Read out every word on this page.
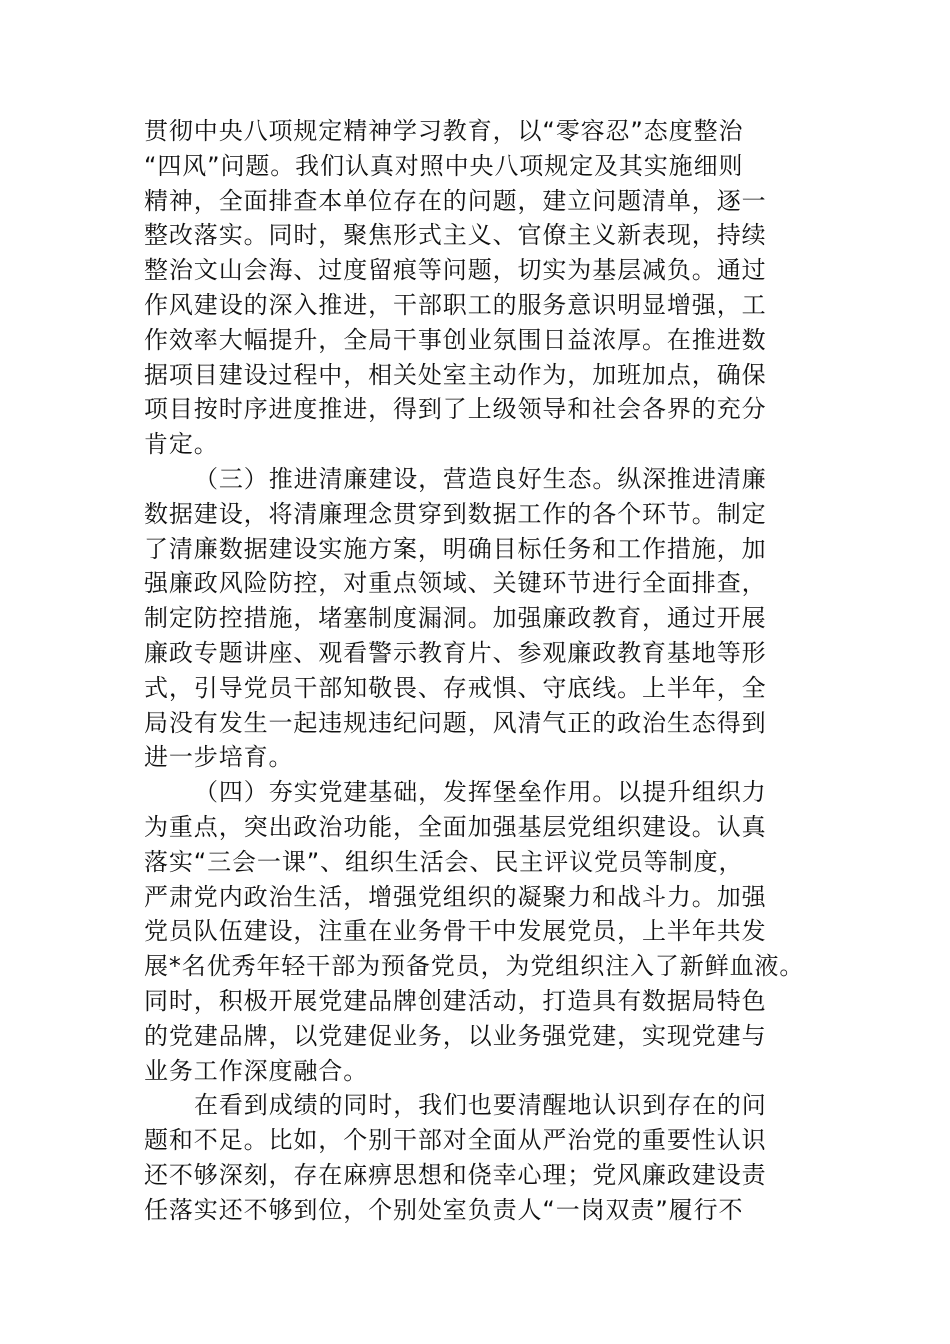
贯彻中央八项规定精神学习教育，以“零容忍”态度整治
“四风”问题。我们认真对照中央八项规定及其实施细则
精神，全面排查本单位存在的问题，建立问题清单，逐一
整改落实。同时，聚焦形式主义、官僚主义新表现，持续
整治文山会海、过度留痕等问题，切实为基层减负。通过
作风建设的深入推进，干部职工的服务意识明显增强，工
作效率大幅提升，全局干事创业氛围日益浓厚。在推进数
据项目建设过程中，相关处室主动作为，加班加点，确保
项目按时序进度推进，得到了上级领导和社会各界的充分
肯定。
（三）推进清廉建设，营造良好生态。纵深推进清廉
数据建设，将清廉理念贯穿到数据工作的各个环节。制定
了清廉数据建设实施方案，明确目标任务和工作措施，加
强廉政风险防控，对重点领域、关键环节进行全面排查，
制定防控措施，堵塞制度漏洞。加强廉政教育，通过开展
廉政专题讲座、观看警示教育片、参观廉政教育基地等形
式，引导党员干部知敬畏、存戒惧、守底线。上半年，全
局没有发生一起违规违纪问题，风清气正的政治生态得到
进一步培育。
（四）夯实党建基础，发挥堡垒作用。以提升组织力
为重点，突出政治功能，全面加强基层党组织建设。认真
落实“三会一课”、组织生活会、民主评议党员等制度，
严肃党内政治生活，增强党组织的凝聚力和战斗力。加强
党员队伍建设，注重在业务骨干中发展党员，上半年共发
展*名优秀年轻干部为预备党员，为党组织注入了新鲜血液。
同时，积极开展党建品牌创建活动，打造具有数据局特色
的党建品牌，以党建促业务，以业务强党建，实现党建与
业务工作深度融合。
在看到成绩的同时，我们也要清醒地认识到存在的问
题和不足。比如，个别干部对全面从严治党的重要性认识
还不够深刻，存在麻痹思想和侥幸心理；党风廉政建设责
任落实还不够到位，个别处室负责人“一岗双责”履行不
